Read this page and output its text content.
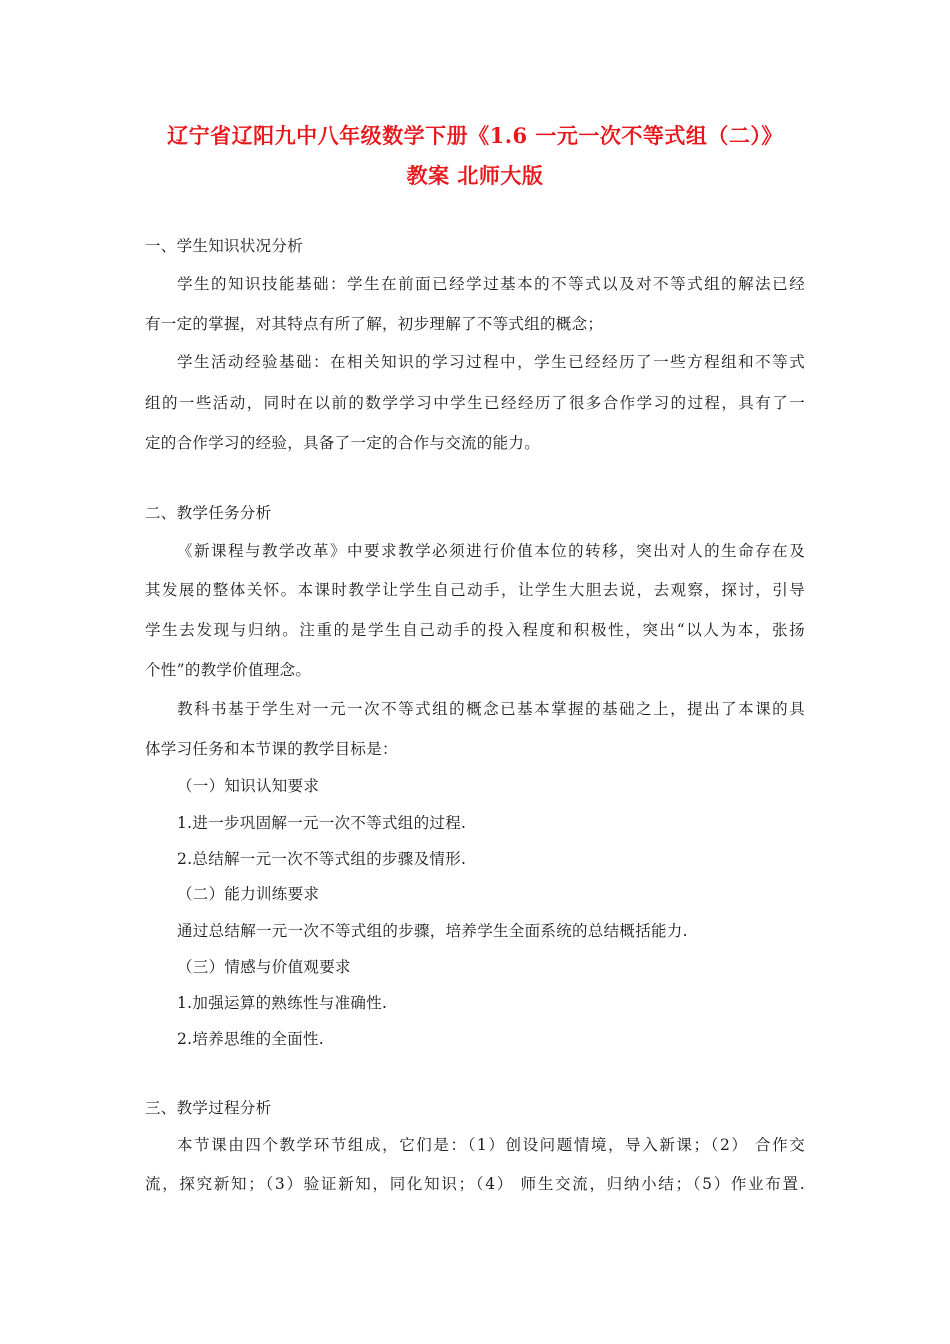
辽宁省辽阳九中八年级数学下册《1.6 一元一次不等式组（二）》
教案 北师大版
一、学生知识状况分析
学生的知识技能基础：学生在前面已经学过基本的不等式以及对不等式组的解法已经
有一定的掌握，对其特点有所了解，初步理解了不等式组的概念；
学生活动经验基础：在相关知识的学习过程中，学生已经经历了一些方程组和不等式
组的一些活动，同时在以前的数学学习中学生已经经历了很多合作学习的过程，具有了一
定的合作学习的经验，具备了一定的合作与交流的能力。
二、教学任务分析
《新课程与教学改革》中要求教学必须进行价值本位的转移，突出对人的生命存在及
其发展的整体关怀。本课时教学让学生自己动手，让学生大胆去说，去观察，探讨，引导
学生去发现与归纳。注重的是学生自己动手的投入程度和积极性，突出“以人为本，张扬
个性”的教学价值理念。
教科书基于学生对一元一次不等式组的概念已基本掌握的基础之上，提出了本课的具
体学习任务和本节课的教学目标是：
（一）知识认知要求
1.进一步巩固解一元一次不等式组的过程.
2.总结解一元一次不等式组的步骤及情形.
（二）能力训练要求
通过总结解一元一次不等式组的步骤，培养学生全面系统的总结概括能力.
（三）情感与价值观要求
1.加强运算的熟练性与准确性.
2.培养思维的全面性.
三、教学过程分析
本节课由四个教学环节组成，它们是：（1）创设问题情境，导入新课；（2） 合作交
流，探究新知；（3）验证新知，同化知识；（4） 师生交流，归纳小结；（5）作业布置.
